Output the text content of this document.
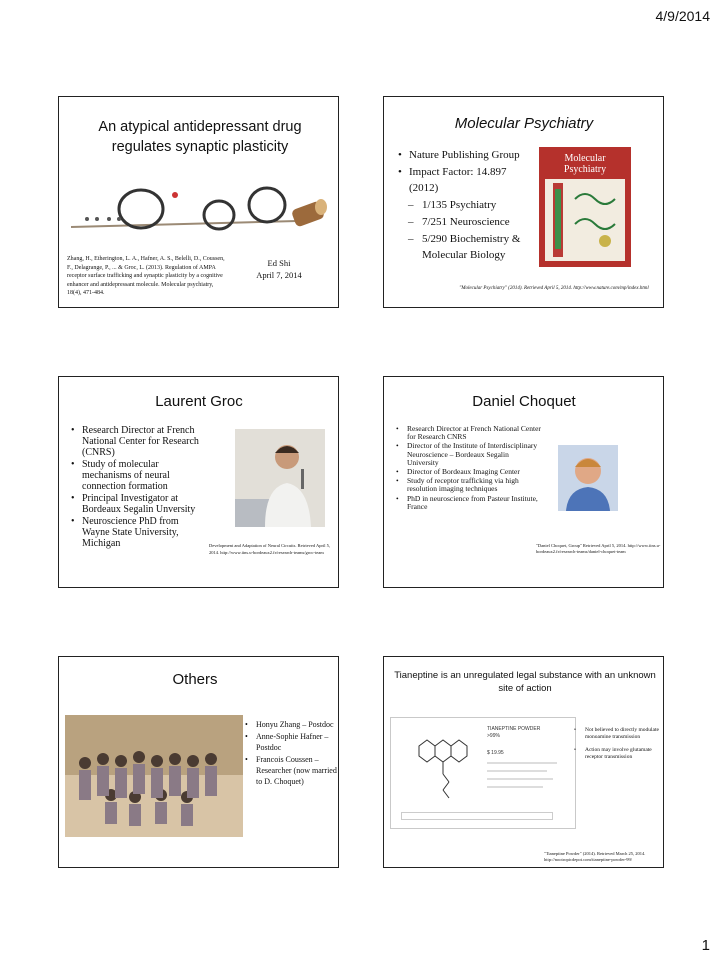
4/9/2014
An atypical antidepressant drug
regulates synaptic plasticity
Zhang, H., Etherington, L. A., Hafner, A. S., Belelli, D., Coussen, F., Delagrange, P., ... & Groc, L. (2013). Regulation of AMPA receptor surface trafficking and synaptic plasticity by a cognitive enhancer and antidepressant molecule. Molecular psychiatry, 18(4), 471-484.
Ed Shi
April 7, 2014
Molecular Psychiatry
• Nature Publishing Group
• Impact Factor: 14.897 (2012)
– 1/135 Psychiatry
– 7/251 Neuroscience
– 5/290 Biochemistry & Molecular Biology
Molecular Psychiatry
"Molecular Psychiatry" (2014). Retrieved April 5, 2014. http://www.nature.com/mp/index.html
Laurent Groc
• Research Director at French National Center for Research (CNRS)
• Study of molecular mechanisms of neural connection formation
• Principal Investigator at Bordeaux Segalin Unversity
• Neuroscience PhD from Wayne State University, Michigan	Development and Adaptation of Neural Circuits. Retrieved April 5, 2014. http://www.iins.u-bordeaux2.fr/research-teams/groc-team
Daniel Choquet
• Research Director at French National Center for Research CNRS
• Director of the Institute of Interdisciplinary Neuroscience – Bordeaux Segalin University
• Director of Bordeaux Imaging Center
• Study of receptor trafficking via high resolution imaging techniques
• PhD in neuroscience from Pasteur Institute, France
"Daniel Choquet, Group" Retrieved April 5, 2014. http://www.iins.u-bordeaux2.fr/research-teams/daniel-choquet-team
Others
• Honyu Zhang – Postdoc
• Anne-Sophie Hafner – Postdoc
• Francois Coussen – Researcher (now married to D. Choquet)
Tianeptine is an unregulated legal substance with an unknown site of action
TIANEPTINE POWDER
>99%
$ 19.95
• Not believed to directly modulate monoamine transmission
• Action may involve glutamate receptor transmission
"Tianeptine Powder" (2014). Retrieved March 25, 2014. http://nootropicdepot.com/tianeptine-powder-99/
1
